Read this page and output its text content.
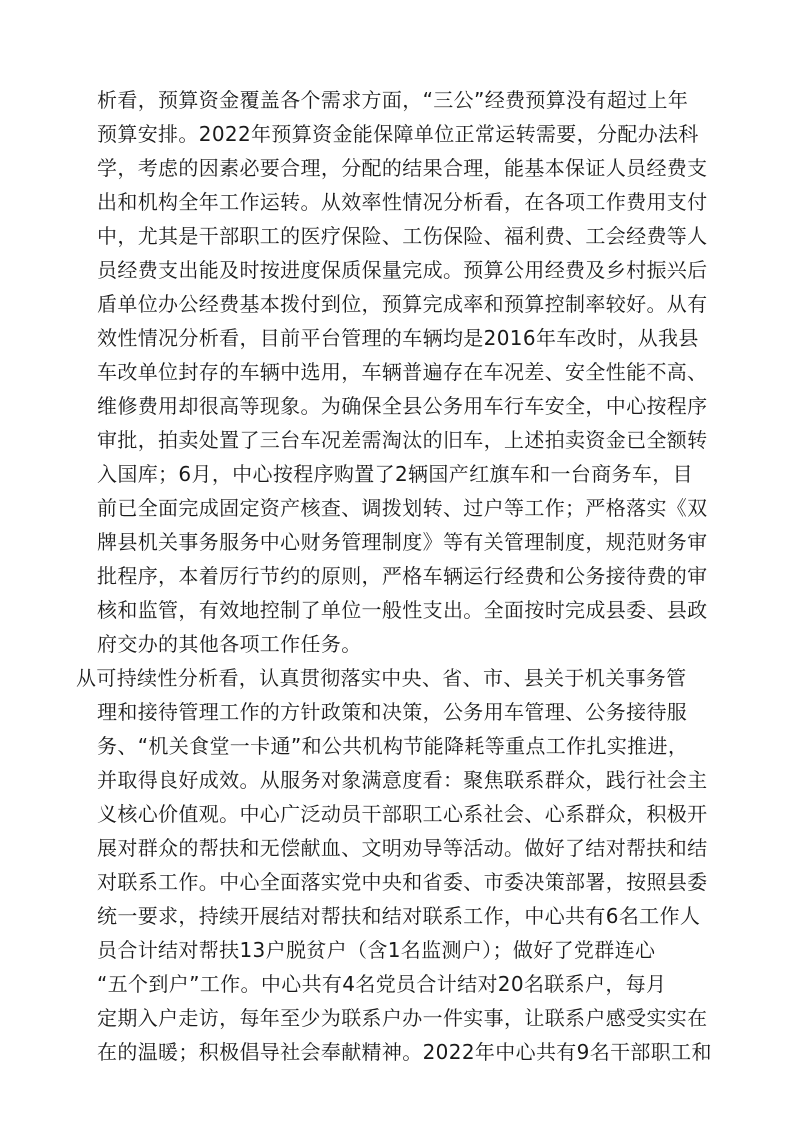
析看，预算资金覆盖各个需求方面，“三公”经费预算没有超过上年
预算安排。2022年预算资金能保障单位正常运转需要，分配办法科
学，考虑的因素必要合理，分配的结果合理，能基本保证人员经费支
出和机构全年工作运转。从效率性情况分析看，在各项工作费用支付
中，尤其是干部职工的医疗保险、工伤保险、福利费、工会经费等人
员经费支出能及时按进度保质保量完成。预算公用经费及乡村振兴后
盾单位办公经费基本拨付到位，预算完成率和预算控制率较好。从有
效性情况分析看，目前平台管理的车辆均是2016年车改时，从我县
车改单位封存的车辆中选用，车辆普遍存在车况差、安全性能不高、
维修费用却很高等现象。为确保全县公务用车行车安全，中心按程序
审批，拍卖处置了三台车况差需淘汰的旧车，上述拍卖资金已全额转
入国库；6月，中心按程序购置了2辆国产红旗车和一台商务车，目
前已全面完成固定资产核查、调拨划转、过户等工作；严格落实《双
牌县机关事务服务中心财务管理制度》等有关管理制度，规范财务审
批程序，本着厉行节约的原则，严格车辆运行经费和公务接待费的审
核和监管，有效地控制了单位一般性支出。全面按时完成县委、县政
府交办的其他各项工作任务。
从可持续性分析看，认真贯彻落实中央、省、市、县关于机关事务管
理和接待管理工作的方针政策和决策，公务用车管理、公务接待服
务、“机关食堂一卡通”和公共机构节能降耗等重点工作扎实推进，
并取得良好成效。从服务对象满意度看：聚焦联系群众，践行社会主
义核心价值观。中心广泛动员干部职工心系社会、心系群众，积极开
展对群众的帮扶和无偿献血、文明劝导等活动。做好了结对帮扶和结
对联系工作。中心全面落实党中央和省委、市委决策部署，按照县委
统一要求，持续开展结对帮扶和结对联系工作，中心共有6名工作人
员合计结对帮扶13户脱贫户（含1名监测户）；做好了党群连心
“五个到户”工作。中心共有4名党员合计结对20名联系户，每月
定期入户走访，每年至少为联系户办一件实事，让联系户感受实实在
在的温暖；积极倡导社会奉献精神。2022年中心共有9名干部职工和
